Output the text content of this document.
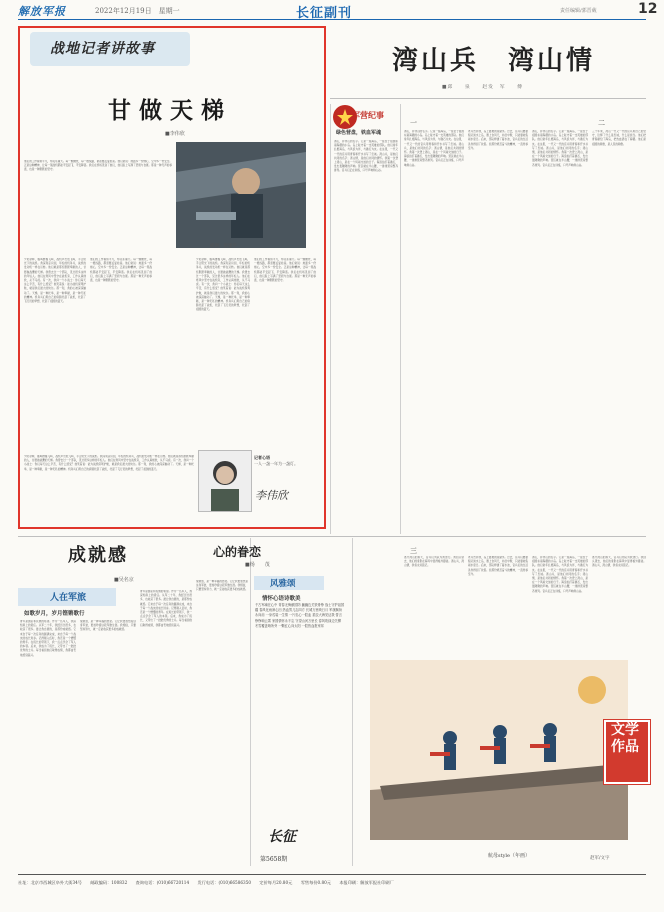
解放军报	2022年12月19日　星期一	长征副刊	责任编辑/郭晋葳	12
战地记者讲故事
甘做天梯
■李伟欣
插图：唐建平
夕阳余晖，雁鸣群雁飞鸣，战机声出低飞鸣，手合阳光下的战机。我深刻意识到，年轻的机务兵，战机的发动机一样在运转。他们就是那些默默奉献的人，甘愿做战鹰的天梯。我曾去过一个部队，见过很多这样的年轻人。他们在寒风中坚守在战机旁，工作认真细致，从不马虎。有一次，我问一个小战士：你们每天这么辛苦，有什么感受？他笑着说：能为战机保驾护航，就是我们最大的快乐。那一刻，我的心被深深触动了。天梯，是一种托举，是一种奉献，是一种无私的精神。机务兵们用自己的肩膀托起了战机，托起了飞行员的梦想，托起了祖国的蓝天。
他们的工作看似平凡，却关系重大。每一颗螺丝，每一根线路，都需要反复检查。他们常说：地面多一份细心，空中多一份安全。正是这种精神，让每一架战机都能平安起飞、平安降落。我们在机场见到了他们，他们脸上写满了坚毅与自豪。那是一种无声的承诺，也是一种默默的坚守。
他们的工作看似平凡，却关系重大。每一颗螺丝，每一根线路，都需要反复检查。他们常说：地面多一份细心，空中多一份安全。正是这种精神，让每一架战机都能平安起飞、平安降落。我们在机场见到了他们，他们脸上写满了坚毅与自豪。那是一种无声的承诺，也是一种默默的坚守。
夕阳余晖，雁鸣群雁飞鸣，战机声出低飞鸣，手合阳光下的战机。我深刻意识到，年轻的机务兵，战机的发动机一样在运转。他们就是那些默默奉献的人，甘愿做战鹰的天梯。我曾去过一个部队，见过很多这样的年轻人。他们在寒风中坚守在战机旁，工作认真细致，从不马虎。有一次，我问一个小战士：你们每天这么辛苦，有什么感受？他笑着说：能为战机保驾护航，就是我们最大的快乐。那一刻，我的心被深深触动了。天梯，是一种托举，是一种奉献，是一种无私的精神。机务兵们用自己的肩膀托起了战机，托起了飞行员的梦想，托起了祖国的蓝天。
他们的工作看似平凡，却关系重大。每一颗螺丝，每一根线路，都需要反复检查。他们常说：地面多一份细心，空中多一份安全。正是这种精神，让每一架战机都能平安起飞、平安降落。我们在机场见到了他们，他们脸上写满了坚毅与自豪。那是一种无声的承诺，也是一种默默的坚守。
夕阳余晖，雁鸣群雁飞鸣，战机声出低飞鸣，手合阳光下的战机。我深刻意识到，年轻的机务兵，战机的发动机一样在运转。他们就是那些默默奉献的人，甘愿做战鹰的天梯。我曾去过一个部队，见过很多这样的年轻人。他们在寒风中坚守在战机旁，工作认真细致，从不马虎。有一次，我问一个小战士：你们每天这么辛苦，有什么感受？他笑着说：能为战机保驾护航，就是我们最大的快乐。那一刻，我的心被深深触动了。天梯，是一种托举，是一种奉献，是一种无私的精神。机务兵们用自己的肩膀托起了战机，托起了飞行员的梦想，托起了祖国的蓝天。
记者心语
一人一盏一年为一盏灯。
李伟欣
湾山兵　湾山情
■邱　　泉　　赵发　军　　傅
军营纪事
绿色营盘，铁血军魂
湾山，并非山的名字。它是一座海岛，一座位于祖国东南海疆的小岛。岛上驻守着一支英雄的部队。他们常年扎根海岛，与风浪为伴，与礁石为友。在这里，一代又一代的官兵用青春和汗水书写了忠诚。湾山兵，是他们共同的名字；湾山情，是他们共同的情怀。我第一次登上湾山，是在一个风雨交加的日子。海浪拍打着礁石，发出轰隆隆的声响。营区就在半山腰，一排排营房整齐排列。官兵们正在训练，口号声响彻山谷。
一	二
湾山，并非山的名字。它是一座海岛，一座位于祖国东南海疆的小岛。岛上驻守着一支英雄的部队。他们常年扎根海岛，与风浪为伴，与礁石为友。在这里，一代又一代的官兵用青春和汗水书写了忠诚。湾山兵，是他们共同的名字；湾山情，是他们共同的情怀。我第一次登上湾山，是在一个风雨交加的日子。海浪拍打着礁石，发出轰隆隆的声响。营区就在半山腰，一排排营房整齐排列。官兵们正在训练，口号声响彻山谷。
老兵告诉我，岛上最难的是缺水。过去，官兵们要靠船运淡水上岛，遇上台风天，补给中断，只能靠收集雨水度日。后来，部队修建了蓄水池，官兵们的生活条件得到了改善。但那份艰苦奋斗的精神，一直传承至今。
湾山，并非山的名字。它是一座海岛，一座位于祖国东南海疆的小岛。岛上驻守着一支英雄的部队。他们常年扎根海岛，与风浪为伴，与礁石为友。在这里，一代又一代的官兵用青春和汗水书写了忠诚。湾山兵，是他们共同的名字；湾山情，是他们共同的情怀。我第一次登上湾山，是在一个风雨交加的日子。海浪拍打着礁石，发出轰隆隆的声响。营区就在半山腰，一排排营房整齐排列。官兵们正在训练，口号声响彻山谷。
三十年来，湾山一代又一代的官兵用自己的坚守，诠释了什么是忠诚，什么是担当。他们把青春献给了海岛，把热血洒在了海疆。他们是祖国的骄傲，是人民的骄傲。
三
离开湾山的那天，官兵们列队为我送行。我回头望去，他们的身影在海风中显得格外挺拔。湾山兵，湾山情，我将永远铭记。
老兵告诉我，岛上最难的是缺水。过去，官兵们要靠船运淡水上岛，遇上台风天，补给中断，只能靠收集雨水度日。后来，部队修建了蓄水池，官兵们的生活条件得到了改善。但那份艰苦奋斗的精神，一直传承至今。
湾山，并非山的名字。它是一座海岛，一座位于祖国东南海疆的小岛。岛上驻守着一支英雄的部队。他们常年扎根海岛，与风浪为伴，与礁石为友。在这里，一代又一代的官兵用青春和汗水书写了忠诚。湾山兵，是他们共同的名字；湾山情，是他们共同的情怀。我第一次登上湾山，是在一个风雨交加的日子。海浪拍打着礁石，发出轰隆隆的声响。营区就在半山腰，一排排营房整齐排列。官兵们正在训练，口号声响彻山谷。
离开湾山的那天，官兵们列队为我送行。我回头望去，他们的身影在海风中显得格外挺拔。湾山兵，湾山情，我将永远铭记。
成就感
■吴名京
人在军旅
如歌岁月，岁月铿锵歌行
青年是国家和民族的希望。作为一名军人，我深知肩上的责任。从军二十年，我经历过很多，也收获了很多。最让我自豪的，是那份成就感。它来自于每一次任务的圆满完成，来自于每一个战友的成长进步。记得刚入伍时，我还是一个懵懂的青年。在班长的带领下，我一点点学会了军人的本领。后来，我成为了班长，又带出了一批批优秀的士兵。每当看到他们取得成绩，我都由衷地感到高兴。
成就感，是一种幸福的感觉。它让我更加热爱这身军装，更加珍惜这段军旅生涯。我相信，只要坚持努力，就一定能收获更多的成就感。
青年是国家和民族的希望。作为一名军人，我深知肩上的责任。从军二十年，我经历过很多，也收获了很多。最让我自豪的，是那份成就感。它来自于每一次任务的圆满完成，来自于每一个战友的成长进步。记得刚入伍时，我还是一个懵懂的青年。在班长的带领下，我一点点学会了军人的本领。后来，我成为了班长，又带出了一批批优秀的士兵。每当看到他们取得成绩，我都由衷地感到高兴。
成就感，是一种幸福的感觉。它让我更加热爱这身军装，更加珍惜这段军旅生涯。我相信，只要坚持努力，就一定能收获更多的成就感。
心的眷恋
■杨　　茂
风雅颂
情怀心语诗歌美
千古军魂在心中 青春无悔献国防 巍巍边关铁骨铮 战士守护祖国疆 春风化雨润心田 热血男儿志四方 长城万里映日月 军旗飘扬永向前 一身戎装一生情 一片忠心一腔血 星辰大海见证我 誓言铮铮响云霄 家国情怀永不忘 守望山河万里长 春风吹绿边关柳 冬雪覆盖哨所旁 一颗红心向太阳 一腔热血报家邦
长征
第5658期
文学作品
航母style（年画）	赵军/文字
社址：北京市西城区阜外大街34号　　邮政编码：100832　　查询电话：(010)66720114　　发行电话：(010)66586350　　定价每月20.80元　　零售每份0.80元　　本报印刷：解放军报社印刷厂
